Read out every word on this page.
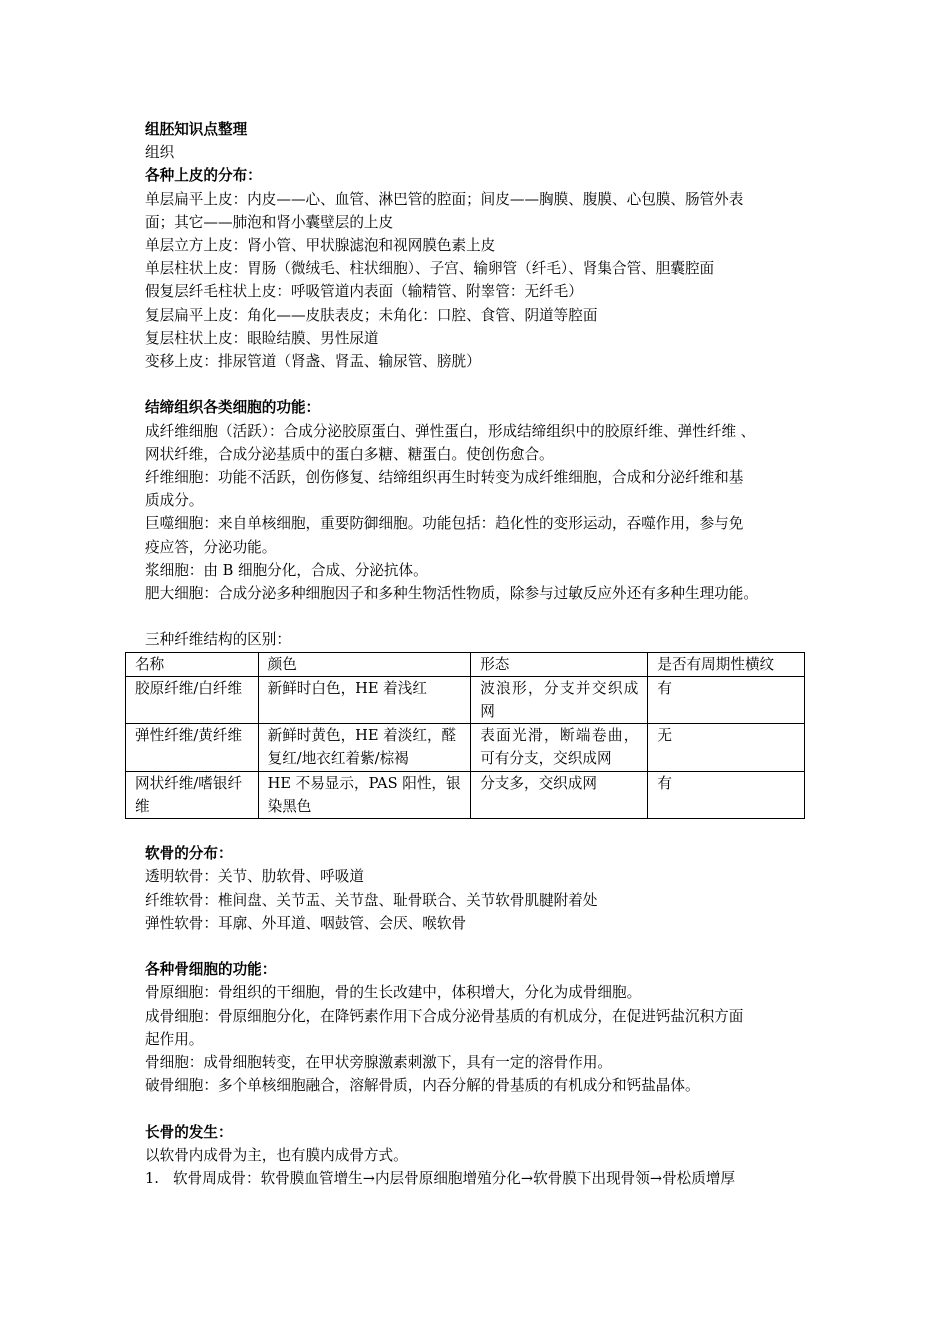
组胚知识点整理
组织
各种上皮的分布：
单层扁平上皮：内皮——心、血管、淋巴管的腔面；间皮——胸膜、腹膜、心包膜、肠管外表
面；其它——肺泡和肾小囊壁层的上皮
单层立方上皮：肾小管、甲状腺滤泡和视网膜色素上皮
单层柱状上皮：胃肠（微绒毛、柱状细胞）、子宫、输卵管（纤毛）、肾集合管、胆囊腔面
假复层纤毛柱状上皮：呼吸管道内表面（输精管、附睾管：无纤毛）
复层扁平上皮：角化——皮肤表皮；未角化：口腔、食管、阴道等腔面
复层柱状上皮：眼睑结膜、男性尿道
变移上皮：排尿管道（肾盏、肾盂、输尿管、膀胱）
结缔组织各类细胞的功能：
成纤维细胞（活跃）：合成分泌胶原蛋白、弹性蛋白，形成结缔组织中的胶原纤维、弹性纤维 、
网状纤维，合成分泌基质中的蛋白多糖、糖蛋白。使创伤愈合。
纤维细胞：功能不活跃，创伤修复、结缔组织再生时转变为成纤维细胞，合成和分泌纤维和基
质成分。
巨噬细胞：来自单核细胞，重要防御细胞。功能包括：趋化性的变形运动，吞噬作用，参与免
疫应答，分泌功能。
浆细胞：由 B 细胞分化，合成、分泌抗体。
肥大细胞：合成分泌多种细胞因子和多种生物活性物质，除参与过敏反应外还有多种生理功能。
三种纤维结构的区别：
名称	颜色	形态	是否有周期性横纹
胶原纤维/白纤维	新鲜时白色，HE 着浅红	波浪形，分支并交织成网	有
弹性纤维/黄纤维	新鲜时黄色，HE 着淡红，醛复红/地衣红着紫/棕褐	表面光滑，断端卷曲，可有分支，交织成网	无
网状纤维/嗜银纤维	HE 不易显示，PAS 阳性，银染黑色	分支多，交织成网	有
软骨的分布：
透明软骨：关节、肋软骨、呼吸道
纤维软骨：椎间盘、关节盂、关节盘、耻骨联合、关节软骨肌腱附着处
弹性软骨：耳廓、外耳道、咽鼓管、会厌、喉软骨
各种骨细胞的功能：
骨原细胞：骨组织的干细胞，骨的生长改建中，体积增大，分化为成骨细胞。
成骨细胞：骨原细胞分化，在降钙素作用下合成分泌骨基质的有机成分，在促进钙盐沉积方面
起作用。
骨细胞：成骨细胞转变，在甲状旁腺激素刺激下，具有一定的溶骨作用。
破骨细胞：多个单核细胞融合，溶解骨质，内吞分解的骨基质的有机成分和钙盐晶体。
长骨的发生：
以软骨内成骨为主，也有膜内成骨方式。
1. 软骨周成骨：软骨膜血管增生→内层骨原细胞增殖分化→软骨膜下出现骨领→骨松质增厚
